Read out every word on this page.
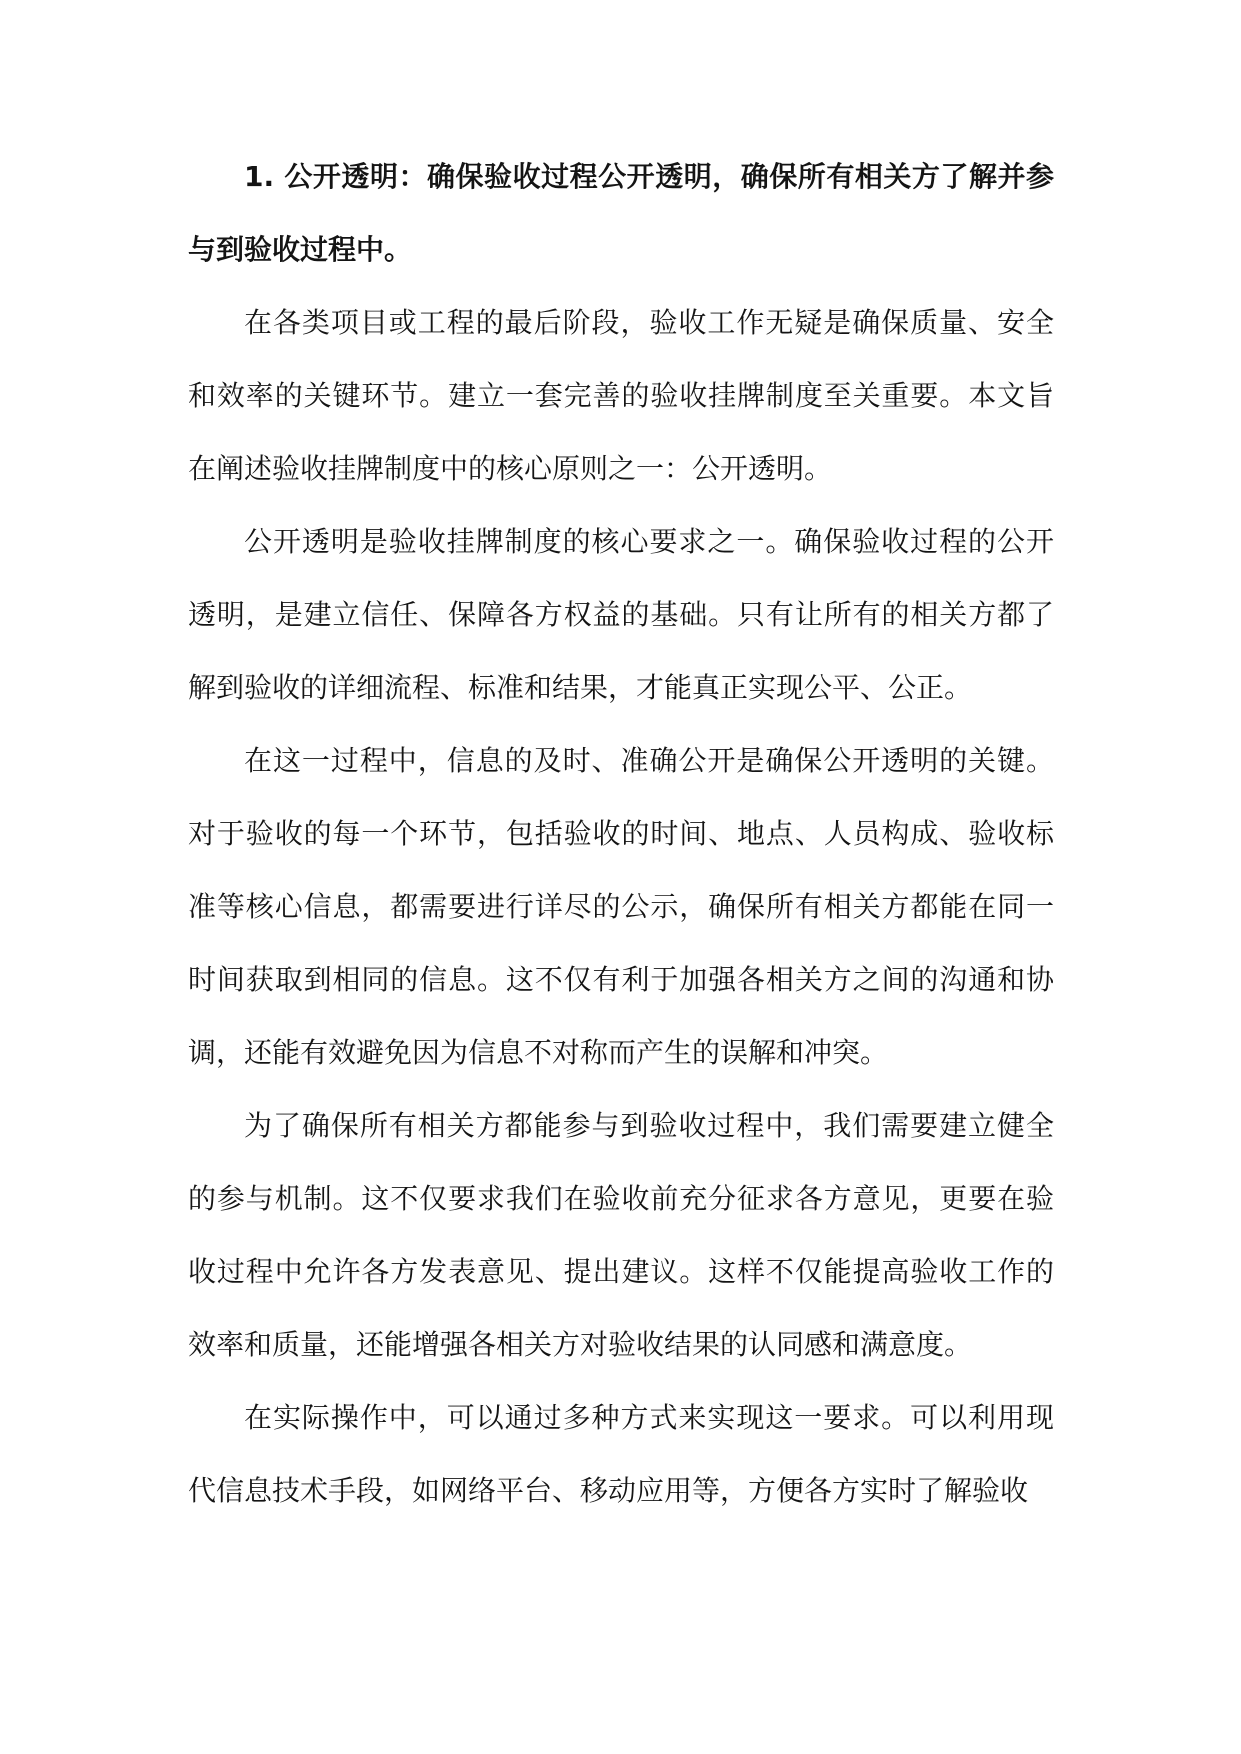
1. 公开透明：确保验收过程公开透明，确保所有相关方了解并参与到验收过程中。

在各类项目或工程的最后阶段，验收工作无疑是确保质量、安全和效率的关键环节。建立一套完善的验收挂牌制度至关重要。本文旨在阐述验收挂牌制度中的核心原则之一：公开透明。

公开透明是验收挂牌制度的核心要求之一。确保验收过程的公开透明，是建立信任、保障各方权益的基础。只有让所有的相关方都了解到验收的详细流程、标准和结果，才能真正实现公平、公正。

在这一过程中，信息的及时、准确公开是确保公开透明的关键。对于验收的每一个环节，包括验收的时间、地点、人员构成、验收标准等核心信息，都需要进行详尽的公示，确保所有相关方都能在同一时间获取到相同的信息。这不仅有利于加强各相关方之间的沟通和协调，还能有效避免因为信息不对称而产生的误解和冲突。

为了确保所有相关方都能参与到验收过程中，我们需要建立健全的参与机制。这不仅要求我们在验收前充分征求各方意见，更要在验收过程中允许各方发表意见、提出建议。这样不仅能提高验收工作的效率和质量，还能增强各相关方对验收结果的认同感和满意度。

在实际操作中，可以通过多种方式来实现这一要求。可以利用现代信息技术手段，如网络平台、移动应用等，方便各方实时了解验收
